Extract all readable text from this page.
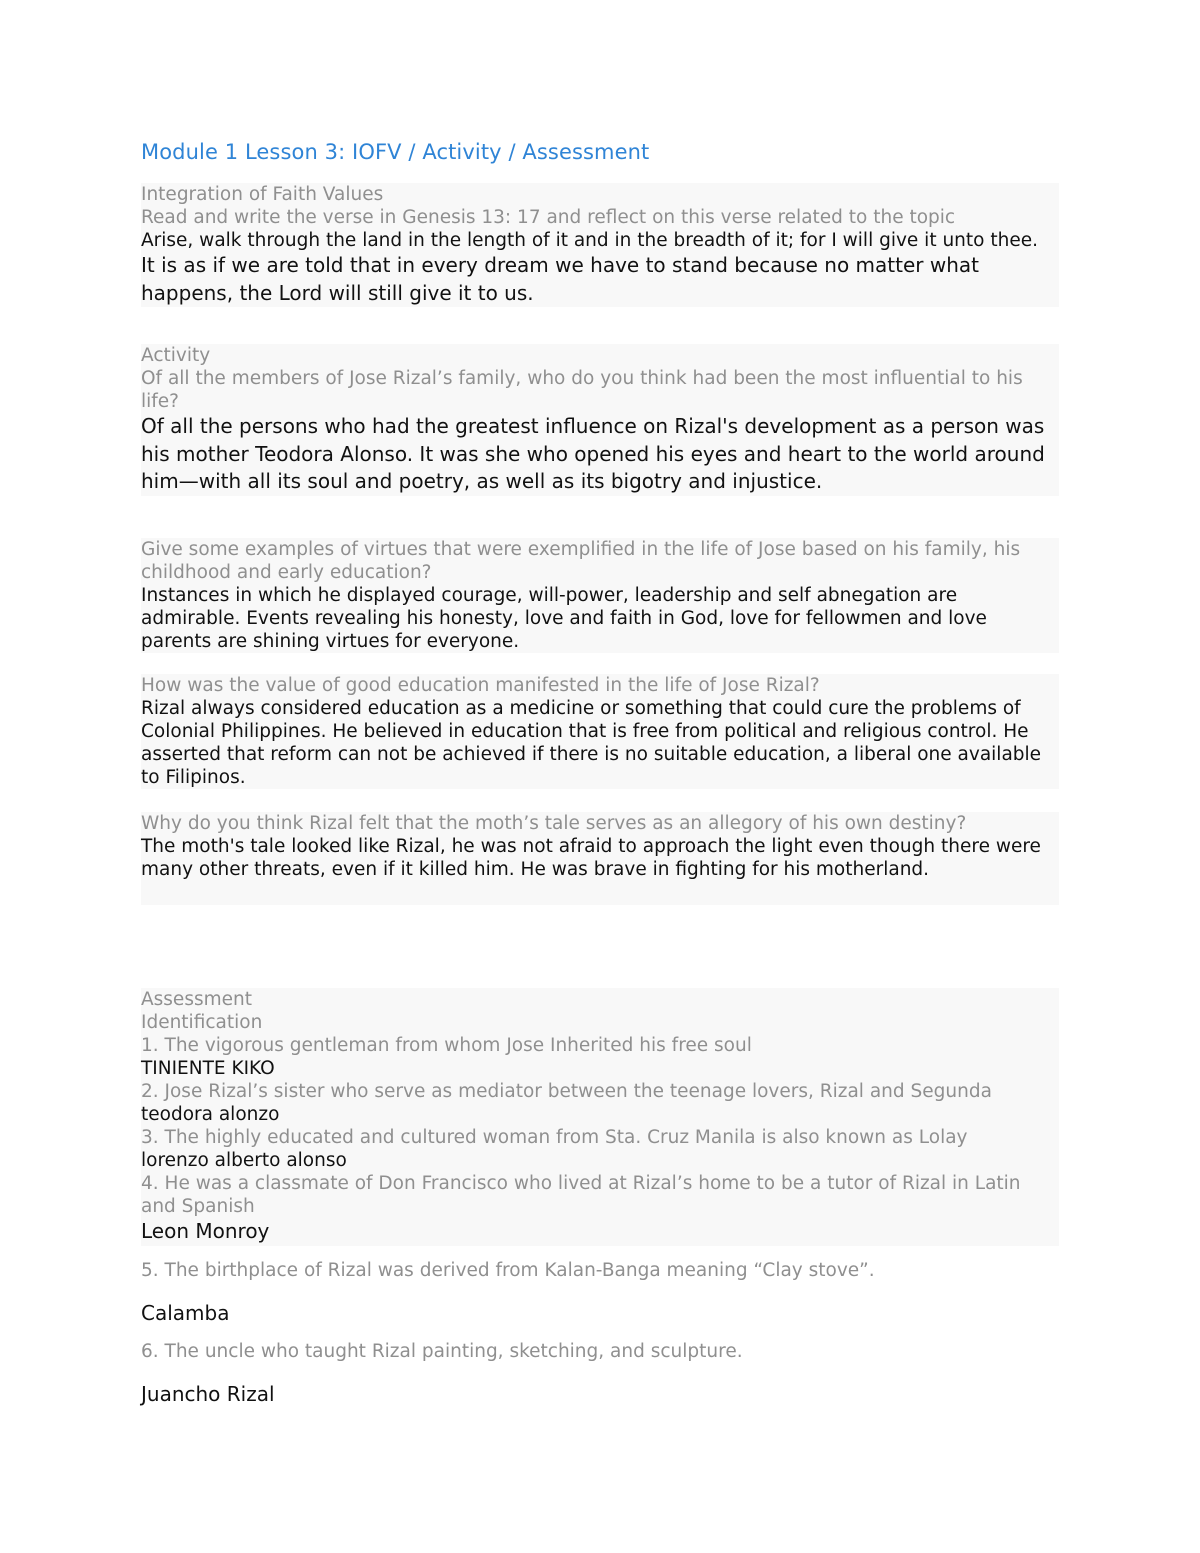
Module 1 Lesson 3: IOFV / Activity / Assessment

Integration of Faith Values

Read and write the verse in Genesis 13: 17 and reflect on this verse related to the topic

Arise, walk through the land in the length of it and in the breadth of it; for I will give it unto thee.

It is as if we are told that in every dream we have to stand because no matter what happens, the Lord will still give it to us.

Activity

Of all the members of Jose Rizal’s family, who do you think had been the most influential to his life?

Of all the persons who had the greatest influence on Rizal's development as a person was his mother Teodora Alonso. It was she who opened his eyes and heart to the world around him—with all its soul and poetry, as well as its bigotry and injustice.

Give some examples of virtues that were exemplified in the life of Jose based on his family, his childhood and early education?

Instances in which he displayed courage, will-power, leadership and self abnegation are admirable. Events revealing his honesty, love and faith in God, love for fellowmen and love parents are shining virtues for everyone.

How was the value of good education manifested in the life of Jose Rizal?

Rizal always considered education as a medicine or something that could cure the problems of Colonial Philippines. He believed in education that is free from political and religious control. He asserted that reform can not be achieved if there is no suitable education, a liberal one available to Filipinos.

Why do you think Rizal felt that the moth’s tale serves as an allegory of his own destiny?

The moth's tale looked like Rizal, he was not afraid to approach the light even though there were many other threats, even if it killed him. He was brave in fighting for his motherland.

Assessment

Identification

1. The vigorous gentleman from whom Jose Inherited his free soul

TINIENTE KIKO

2. Jose Rizal’s sister who serve as mediator between the teenage lovers, Rizal and Segunda

teodora alonzo

3. The highly educated and cultured woman from Sta. Cruz Manila is also known as Lolay

lorenzo alberto alonso

4. He was a classmate of Don Francisco who lived at Rizal’s home to be a tutor of Rizal in Latin and Spanish

Leon Monroy

5. The birthplace of Rizal was derived from Kalan-Banga meaning “Clay stove”.

Calamba

6. The uncle who taught Rizal painting, sketching, and sculpture.

Juancho Rizal
